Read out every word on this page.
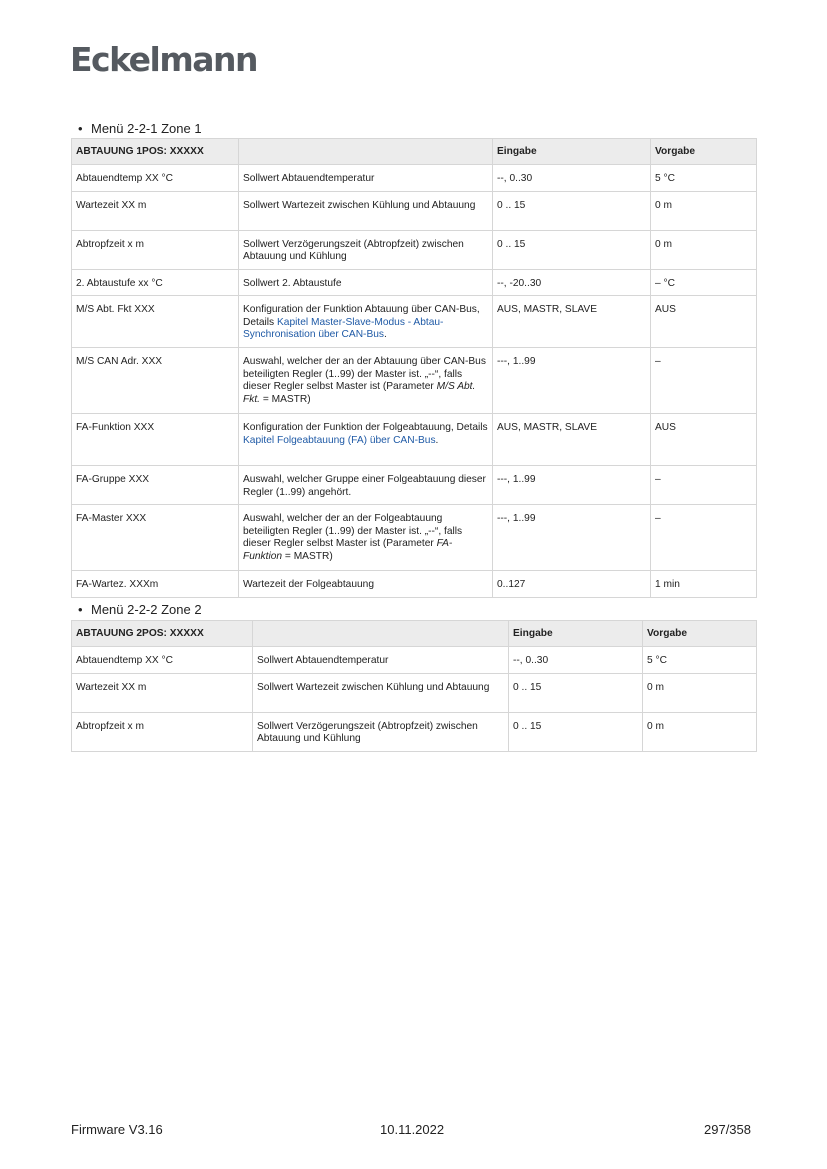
Eckelmann
• Menü 2-2-1 Zone 1
ABTAUUNG 1POS: XXXXX		Eingabe	Vorgabe
Abtauendtemp XX °C	Sollwert Abtauendtemperatur	--, 0..30	5 °C
Wartezeit XX m	Sollwert Wartezeit zwischen Kühlung und Abtauung	0 .. 15	0 m
Abtropfzeit x m	Sollwert Verzögerungszeit (Abtropfzeit) zwischen Abtauung und Kühlung	0 .. 15	0 m
2. Abtaustufe xx °C	Sollwert 2. Abtaustufe	--, -20..30	– °C
M/S Abt. Fkt XXX	Konfiguration der Funktion Abtauung über CAN-Bus, Details Kapitel Master-Slave-Modus - Abtau-Synchronisation über CAN-Bus.	AUS, MASTR, SLAVE	AUS
M/S CAN Adr. XXX	Auswahl, welcher der an der Abtauung über CAN-Bus beteiligten Regler (1..99) der Master ist. „--“, falls dieser Regler selbst Master ist (Parameter M/S Abt. Fkt. = MASTR)	---, 1..99	–
FA-Funktion XXX	Konfiguration der Funktion der Folgeabtauung, Details Kapitel Folgeabtauung (FA) über CAN-Bus.	AUS, MASTR, SLAVE	AUS
FA-Gruppe XXX	Auswahl, welcher Gruppe einer Folgeabtauung dieser Regler (1..99) angehört.	---, 1..99	–
FA-Master XXX	Auswahl, welcher der an der Folgeabtauung beteiligten Regler (1..99) der Master ist. „--“, falls dieser Regler selbst Master ist (Parameter FA-Funktion = MASTR)	---, 1..99	–
FA-Wartez. XXXm	Wartezeit der Folgeabtauung	0..127	1 min
• Menü 2-2-2 Zone 2
ABTAUUNG 2POS: XXXXX		Eingabe	Vorgabe
Abtauendtemp XX °C	Sollwert Abtauendtemperatur	--, 0..30	5 °C
Wartezeit XX m	Sollwert Wartezeit zwischen Kühlung und Abtauung	0 .. 15	0 m
Abtropfzeit x m	Sollwert Verzögerungszeit (Abtropfzeit) zwischen Abtauung und Kühlung	0 .. 15	0 m
Firmware V3.16	10.11.2022	297/358
